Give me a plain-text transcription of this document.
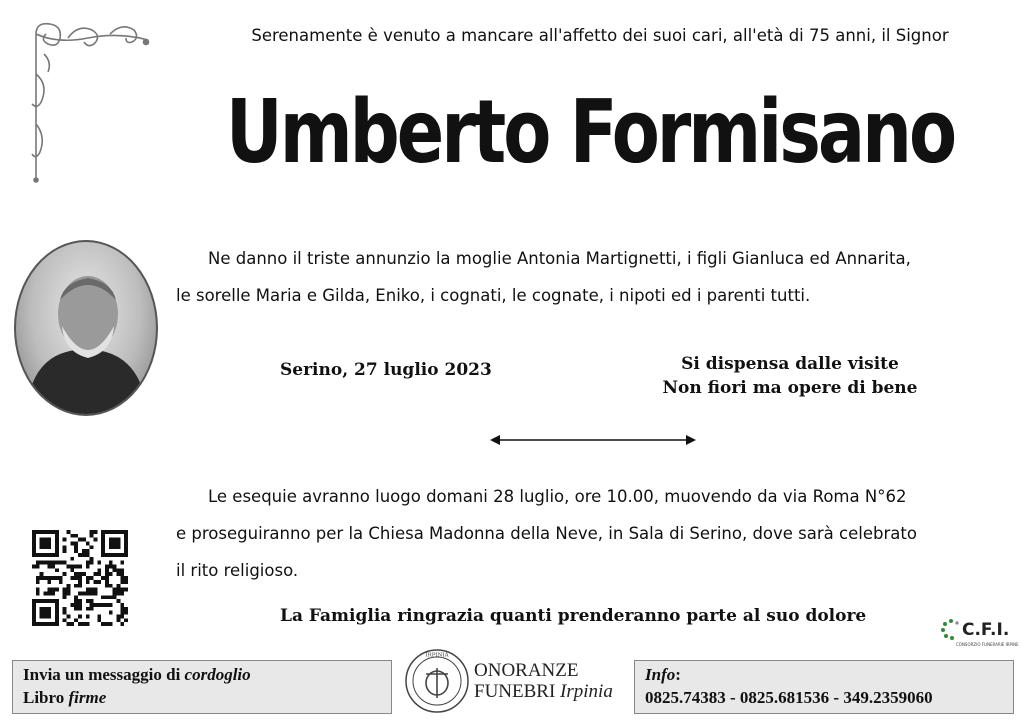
Serenamente è venuto a mancare all'affetto dei suoi cari, all'età di 75 anni, il Signor
Umberto Formisano
Ne danno il triste annunzio la moglie Antonia Martignetti, i figli Gianluca ed Annarita,
le sorelle Maria e Gilda, Eniko, i cognati, le cognate, i nipoti ed i parenti tutti.
Serino, 27 luglio 2023	Si dispensa dalle visite
Non fiori ma opere di bene
Le esequie avranno luogo domani 28 luglio, ore 10.00, muovendo da via Roma N°62
e proseguiranno per la Chiesa Madonna della Neve, in Sala di Serino, dove sarà celebrato
il rito religioso.
La Famiglia ringrazia quanti prenderanno parte al suo dolore
C.F.I.
CONSORZIO FUNERARIE IRPINE
Invia un messaggio di cordoglio
Libro firme
IRPINIA
ONORANZE
FUNEBRI Irpinia
Info:
0825.74383 - 0825.681536 - 349.2359060
